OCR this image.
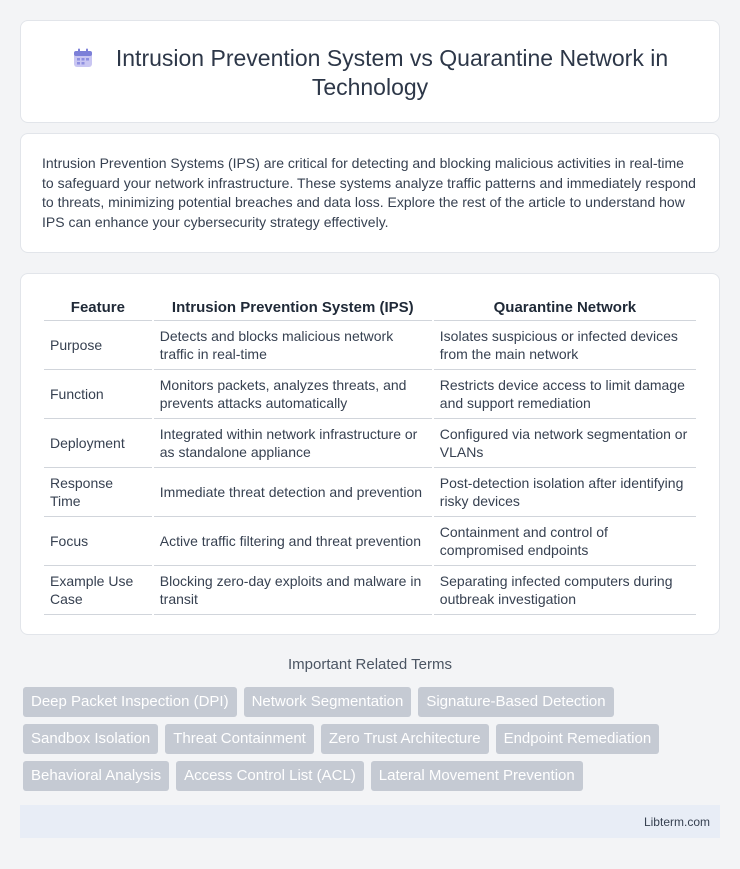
Intrusion Prevention System vs Quarantine Network in Technology

Intrusion Prevention Systems (IPS) are critical for detecting and blocking malicious activities in real-time to safeguard your network infrastructure. These systems analyze traffic patterns and immediately respond to threats, minimizing potential breaches and data loss. Explore the rest of the article to understand how IPS can enhance your cybersecurity strategy effectively.

Feature	Intrusion Prevention System (IPS)	Quarantine Network
Purpose	Detects and blocks malicious network traffic in real-time	Isolates suspicious or infected devices from the main network
Function	Monitors packets, analyzes threats, and prevents attacks automatically	Restricts device access to limit damage and support remediation
Deployment	Integrated within network infrastructure or as standalone appliance	Configured via network segmentation or VLANs
Response Time	Immediate threat detection and prevention	Post-detection isolation after identifying risky devices
Focus	Active traffic filtering and threat prevention	Containment and control of compromised endpoints
Example Use Case	Blocking zero-day exploits and malware in transit	Separating infected computers during outbreak investigation
Important Related Terms
Deep Packet Inspection (DPI)	Network Segmentation	Signature-Based Detection
Sandbox Isolation	Threat Containment	Zero Trust Architecture	Endpoint Remediation
Behavioral Analysis	Access Control List (ACL)	Lateral Movement Prevention
Libterm.com
